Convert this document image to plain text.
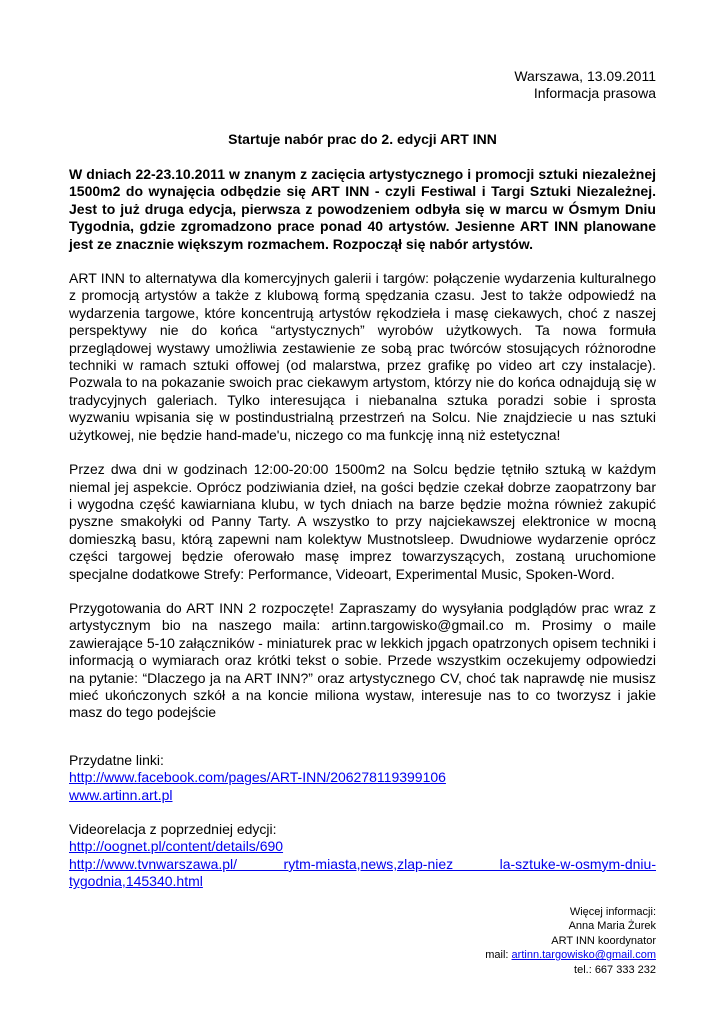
Warszawa, 13.09.2011
Informacja prasowa
Startuje nabór prac do 2. edycji ART INN
W dniach 22-23.10.2011 w znanym z zacięcia artystycznego i promocji sztuki niezależnej 1500m2 do wynajęcia odbędzie się ART INN - czyli Festiwal i Targi Sztuki Niezależnej. Jest to już druga edycja, pierwsza z powodzeniem odbyła się w marcu w Ósmym Dniu Tygodnia, gdzie zgromadzono prace ponad 40 artystów. Jesienne ART INN planowane jest ze znacznie większym rozmachem. Rozpoczął się nabór artystów.
ART INN to alternatywa dla komercyjnych galerii i targów: połączenie wydarzenia kulturalnego z promocją artystów a także z klubową formą spędzania czasu. Jest to także odpowiedź na wydarzenia targowe, które koncentrują artystów rękodzieła i masę ciekawych, choć z naszej perspektywy nie do końca “artystycznych” wyrobów użytkowych. Ta nowa formuła przeglądowej wystawy umożliwia zestawienie ze sobą prac twórców stosujących różnorodne techniki w ramach sztuki offowej (od malarstwa, przez grafikę po video art czy instalacje). Pozwala to na pokazanie swoich prac ciekawym artystom, którzy nie do końca odnajdują się w tradycyjnych galeriach. Tylko interesująca i niebanalna sztuka poradzi sobie i sprosta wyzwaniu wpisania się w postindustrialną przestrzeń na Solcu. Nie znajdziecie u nas sztuki użytkowej, nie będzie hand-made'u, niczego co ma funkcję inną niż estetyczna!
Przez dwa dni w godzinach 12:00-20:00 1500m2 na Solcu będzie tętniło sztuką w każdym niemal jej aspekcie. Oprócz podziwiania dzieł, na gości będzie czekał dobrze zaopatrzony bar i wygodna część kawiarniana klubu, w tych dniach na barze będzie można również zakupić pyszne smakołyki od Panny Tarty. A wszystko to przy najciekawszej elektronice w mocną domieszką basu, którą zapewni nam kolektyw Mustnotsleep. Dwudniowe wydarzenie oprócz części targowej będzie oferowało masę imprez towarzyszących, zostaną uruchomione specjalne dodatkowe Strefy: Performance, Videoart, Experimental Music, Spoken-Word.
Przygotowania do ART INN 2 rozpoczęte! Zapraszamy do wysyłania podglądów prac wraz z artystycznym bio na naszego maila: artinn.targowisko@gmail.co m. Prosimy o maile zawierające 5-10 załączników - miniaturek prac w lekkich jpgach opatrzonych opisem techniki i informacją o wymiarach oraz krótki tekst o sobie. Przede wszystkim oczekujemy odpowiedzi na pytanie: “Dlaczego ja na ART INN?” oraz artystycznego CV, choć tak naprawdę nie musisz mieć ukończonych szkół a na koncie miliona wystaw, interesuje nas to co tworzysz i jakie masz do tego podejście
Przydatne linki:
http://www.facebook.com/pages/ART-INN/206278119399106
www.artinn.art.pl
Videorelacja z poprzedniej edycji:
http://oognet.pl/content/details/690
http://www.tvnwarszawa.pl/ rytm-miasta,news,zlap-niez la-sztuke-w-osmym-dniu-tygodnia,145340.html
Więcej informacji:
Anna Maria Żurek
ART INN koordynator
mail: artinn.targowisko@gmail.com
tel.: 667 333 232
